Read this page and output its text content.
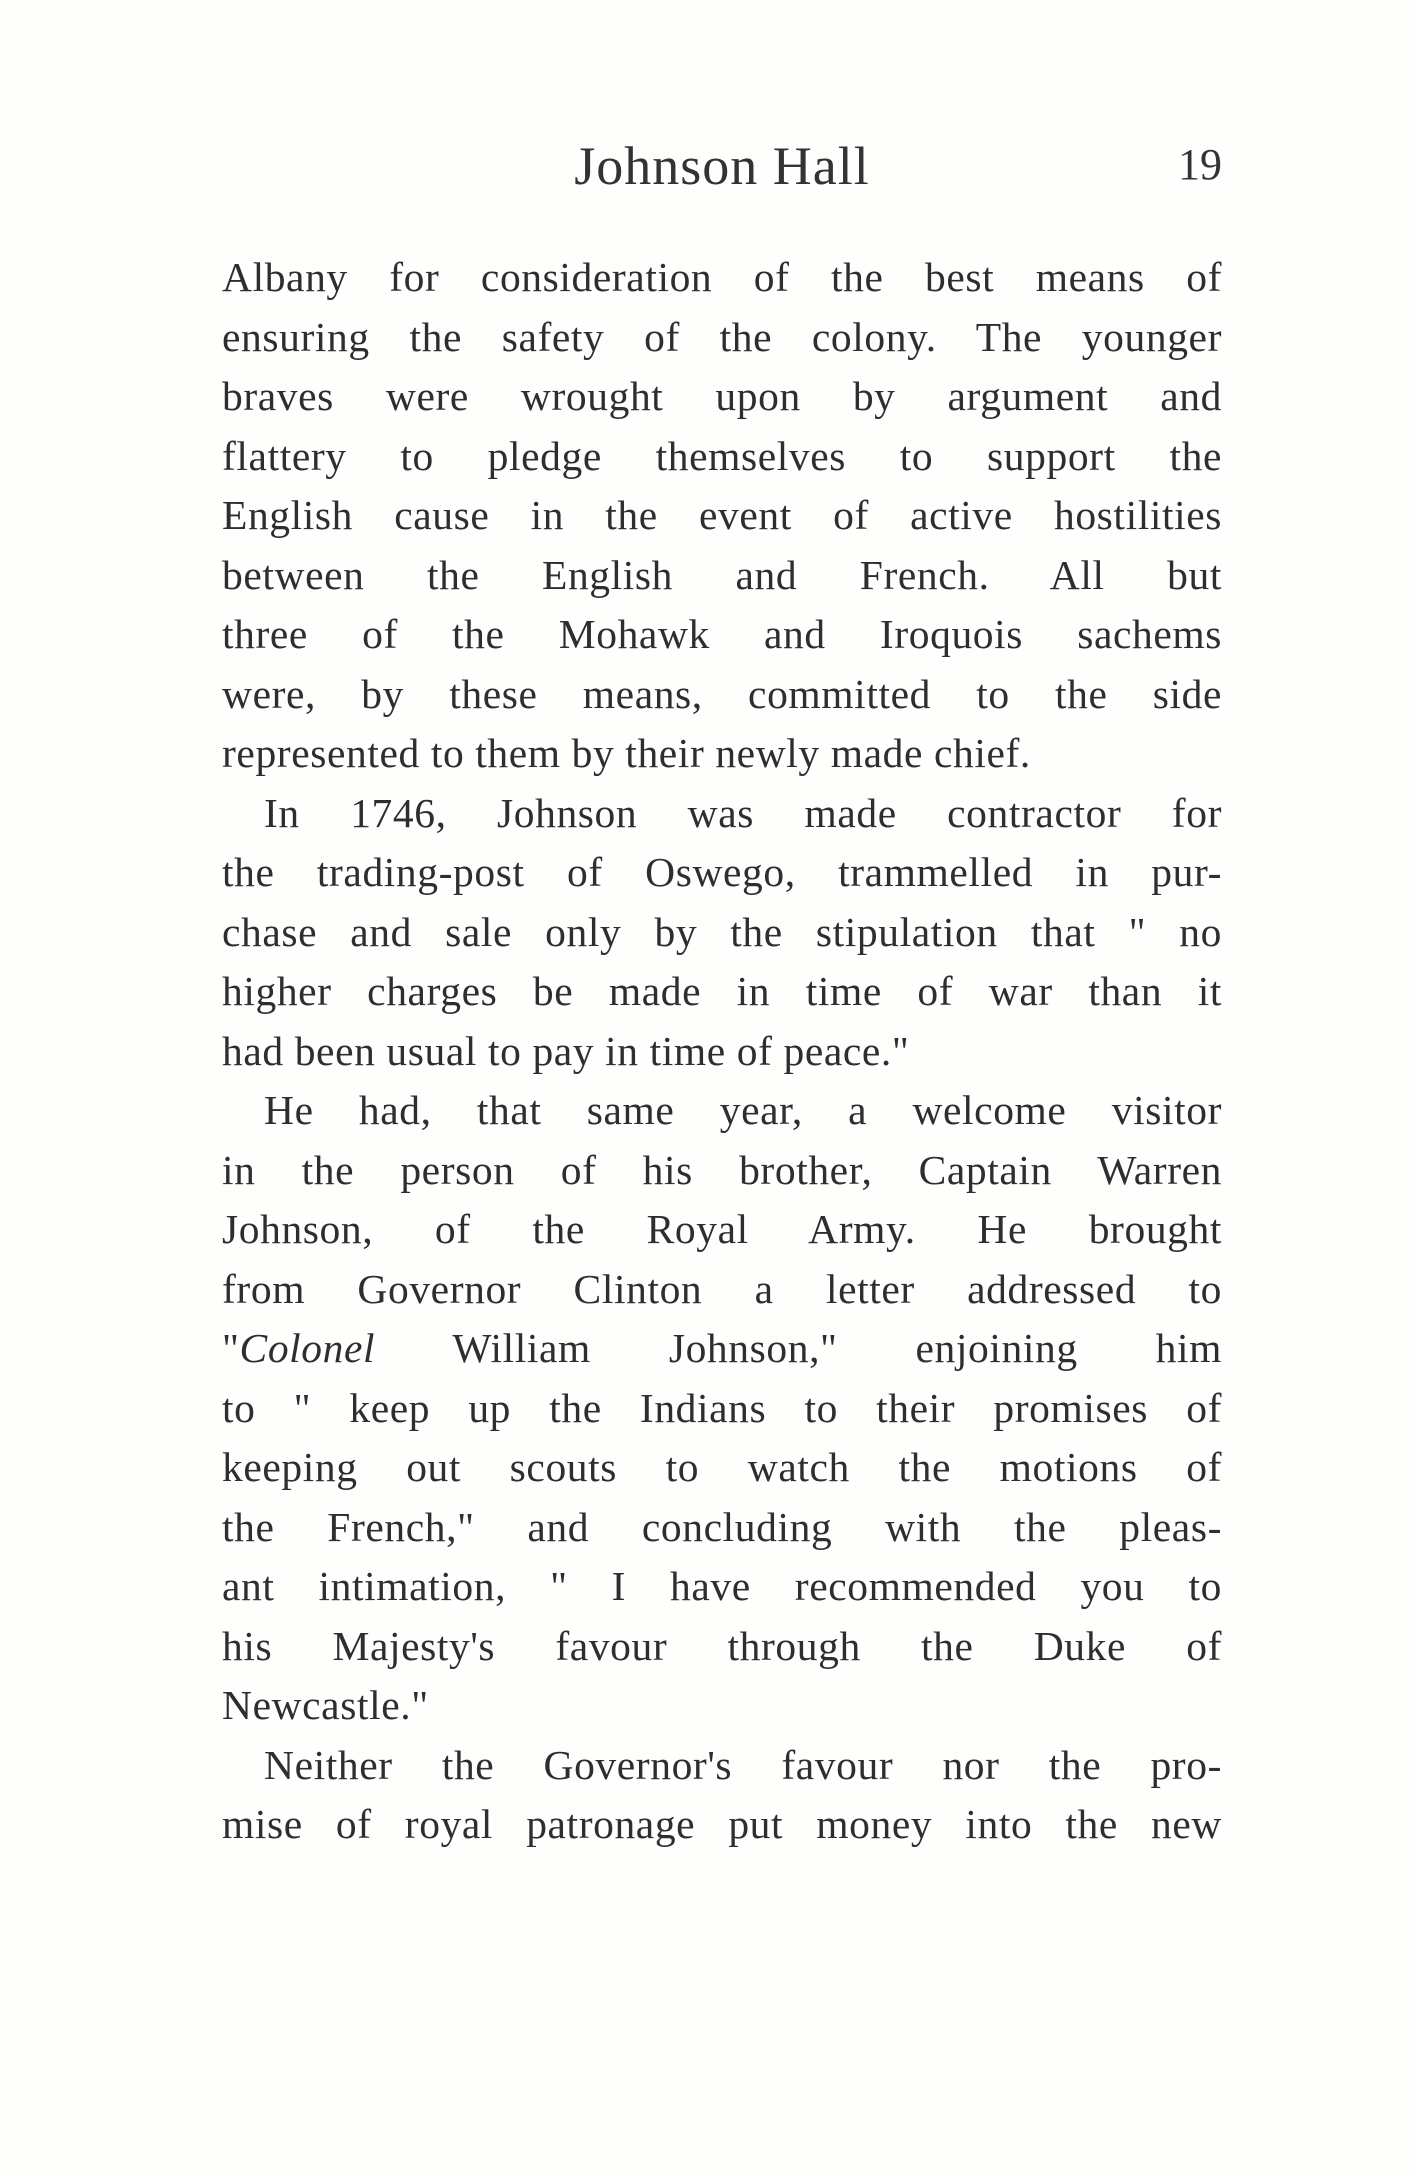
Johnson Hall	19
Albany for consideration of the best means of
ensuring the safety of the colony. The younger
braves were wrought upon by argument and
flattery to pledge themselves to support the
English cause in the event of active hostilities
between the English and French. All but
three of the Mohawk and Iroquois sachems
were, by these means, committed to the side
represented to them by their newly made chief.
In 1746, Johnson was made contractor for
the trading-post of Oswego, trammelled in pur-
chase and sale only by the stipulation that " no
higher charges be made in time of war than it
had been usual to pay in time of peace."
He had, that same year, a welcome visitor
in the person of his brother, Captain Warren
Johnson, of the Royal Army. He brought
from Governor Clinton a letter addressed to
"Colonel William Johnson," enjoining him
to " keep up the Indians to their promises of
keeping out scouts to watch the motions of
the French," and concluding with the pleas-
ant intimation, " I have recommended you to
his Majesty's favour through the Duke of
Newcastle."
Neither the Governor's favour nor the pro-
mise of royal patronage put money into the new
